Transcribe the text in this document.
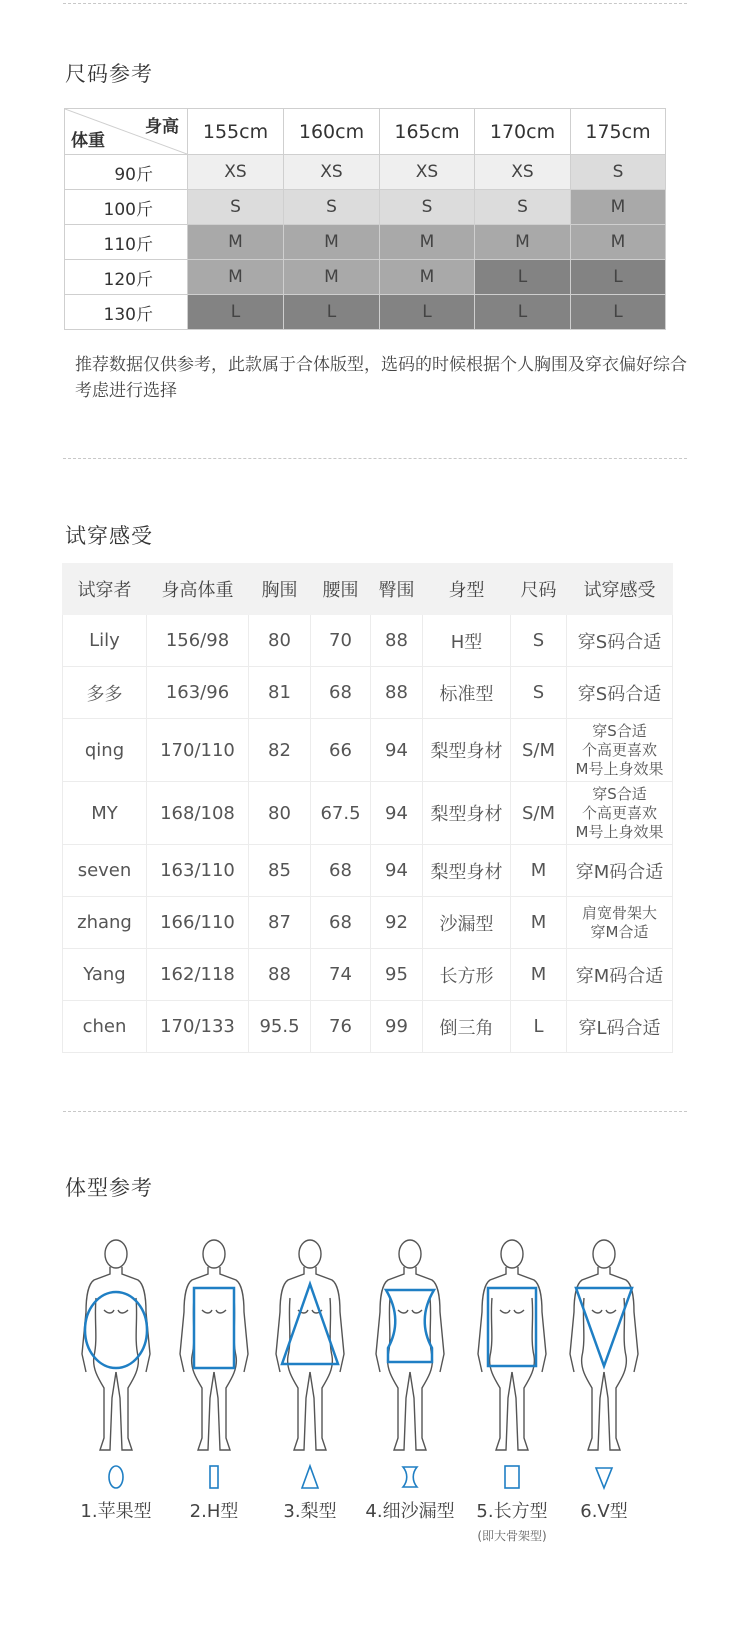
尺码参考
身高
体重	155cm	160cm	165cm	170cm	175cm
90斤	XS	XS	XS	XS	S
100斤	S	S	S	S	M
110斤	M	M	M	M	M
120斤	M	M	M	L	L
130斤	L	L	L	L	L
推荐数据仅供参考，此款属于合体版型，选码的时候根据个人胸围及穿衣偏好综合考虑进行选择
试穿感受
试穿者	身高体重	胸围	腰围	臀围	身型	尺码	试穿感受
Lily	156/98	80	70	88	H型	S	穿S码合适
多多	163/96	81	68	88	标准型	S	穿S码合适
qing	170/110	82	66	94	梨型身材	S/M	穿S合适
个高更喜欢
M号上身效果
MY	168/108	80	67.5	94	梨型身材	S/M	穿S合适
个高更喜欢
M号上身效果
seven	163/110	85	68	94	梨型身材	M	穿M码合适
zhang	166/110	87	68	92	沙漏型	M	肩宽骨架大
穿M合适
Yang	162/118	88	74	95	长方形	M	穿M码合适
chen	170/133	95.5	76	99	倒三角	L	穿L码合适
体型参考
1.苹果型	2.H型	3.梨型	4.细沙漏型	5.长方型
(即大骨架型)
6.V型
